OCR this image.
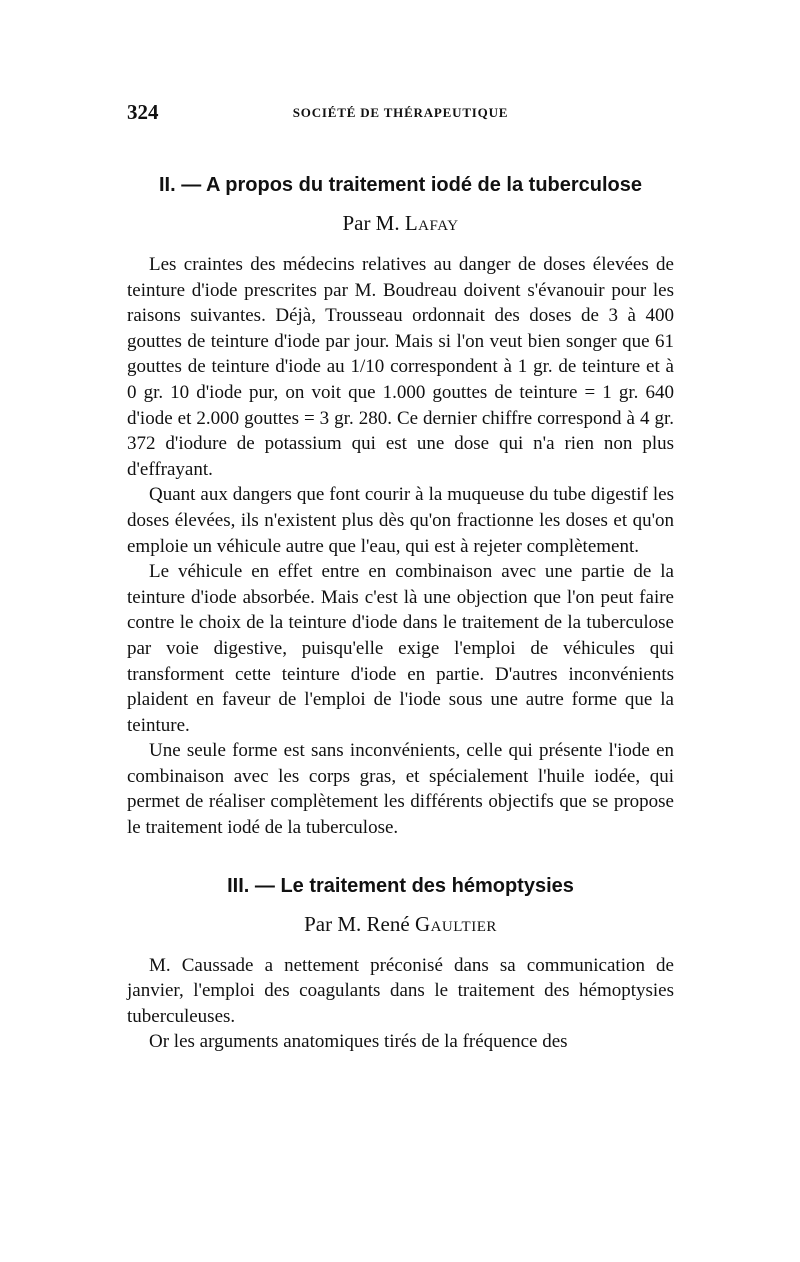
324	SOCIÉTÉ DE THÉRAPEUTIQUE
II. — A propos du traitement iodé de la tuberculose
Par M. Lafay

Les craintes des médecins relatives au danger de doses élevées de teinture d'iode prescrites par M. Boudreau doivent s'évanouir pour les raisons suivantes. Déjà, Trousseau ordonnait des doses de 3 à 400 gouttes de teinture d'iode par jour. Mais si l'on veut bien songer que 61 gouttes de teinture d'iode au 1/10 correspondent à 1 gr. de teinture et à 0 gr. 10 d'iode pur, on voit que 1.000 gouttes de teinture = 1 gr. 640 d'iode et 2.000 gouttes = 3 gr. 280. Ce dernier chiffre correspond à 4 gr. 372 d'iodure de potassium qui est une dose qui n'a rien non plus d'effrayant.

Quant aux dangers que font courir à la muqueuse du tube digestif les doses élevées, ils n'existent plus dès qu'on fractionne les doses et qu'on emploie un véhicule autre que l'eau, qui est à rejeter complètement.

Le véhicule en effet entre en combinaison avec une partie de la teinture d'iode absorbée. Mais c'est là une objection que l'on peut faire contre le choix de la teinture d'iode dans le traitement de la tuberculose par voie digestive, puisqu'elle exige l'emploi de véhicules qui transforment cette teinture d'iode en partie. D'autres inconvénients plaident en faveur de l'emploi de l'iode sous une autre forme que la teinture.

Une seule forme est sans inconvénients, celle qui présente l'iode en combinaison avec les corps gras, et spécialement l'huile iodée, qui permet de réaliser complètement les différents objectifs que se propose le traitement iodé de la tuberculose.

III. — Le traitement des hémoptysies
Par M. René Gaultier

M. Caussade a nettement préconisé dans sa communication de janvier, l'emploi des coagulants dans le traitement des hémoptysies tuberculeuses.

Or les arguments anatomiques tirés de la fréquence des
